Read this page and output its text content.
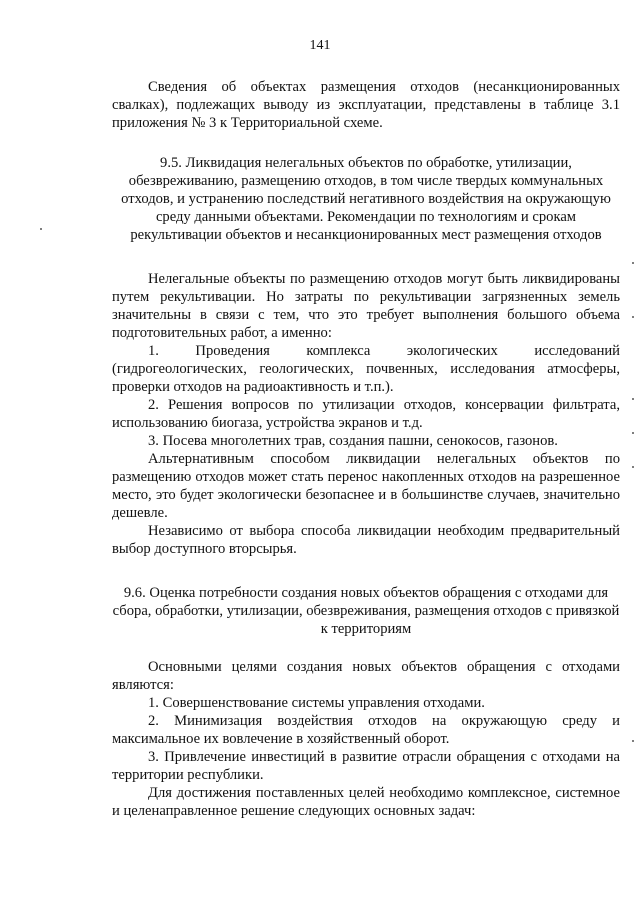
141

Сведения об объектах размещения отходов (несанкционированных свалках), подлежащих выводу из эксплуатации, представлены в таблице 3.1 приложения № 3 к Территориальной схеме.

9.5. Ликвидация нелегальных объектов по обработке, утилизации, обезвреживанию, размещению отходов, в том числе твердых коммунальных отходов, и устранению последствий негативного воздействия на окружающую среду данными объектами. Рекомендации по технологиям и срокам рекультивации объектов и несанкционированных мест размещения отходов

Нелегальные объекты по размещению отходов могут быть ликвидированы путем рекультивации. Но затраты по рекультивации загрязненных земель значительны в связи с тем, что это требует выполнения большого объема подготовительных работ, а именно:

1. Проведения комплекса экологических исследований (гидрогеологических, геологических, почвенных, исследования атмосферы, проверки отходов на радиоактивность и т.п.).

2. Решения вопросов по утилизации отходов, консервации фильтрата, использованию биогаза, устройства экранов и т.д.

3. Посева многолетних трав, создания пашни, сенокосов, газонов.

Альтернативным способом ликвидации нелегальных объектов по размещению отходов может стать перенос накопленных отходов на разрешенное место, это будет экологически безопаснее и в большинстве случаев, значительно дешевле.

Независимо от выбора способа ликвидации необходим предварительный выбор доступного вторсырья.

9.6. Оценка потребности создания новых объектов обращения с отходами для сбора, обработки, утилизации, обезвреживания, размещения отходов с привязкой к территориям

Основными целями создания новых объектов обращения с отходами являются:

1. Совершенствование системы управления отходами.

2. Минимизация воздействия отходов на окружающую среду и максимальное их вовлечение в хозяйственный оборот.

3. Привлечение инвестиций в развитие отрасли обращения с отходами на территории республики.

Для достижения поставленных целей необходимо комплексное, системное и целенаправленное решение следующих основных задач:
